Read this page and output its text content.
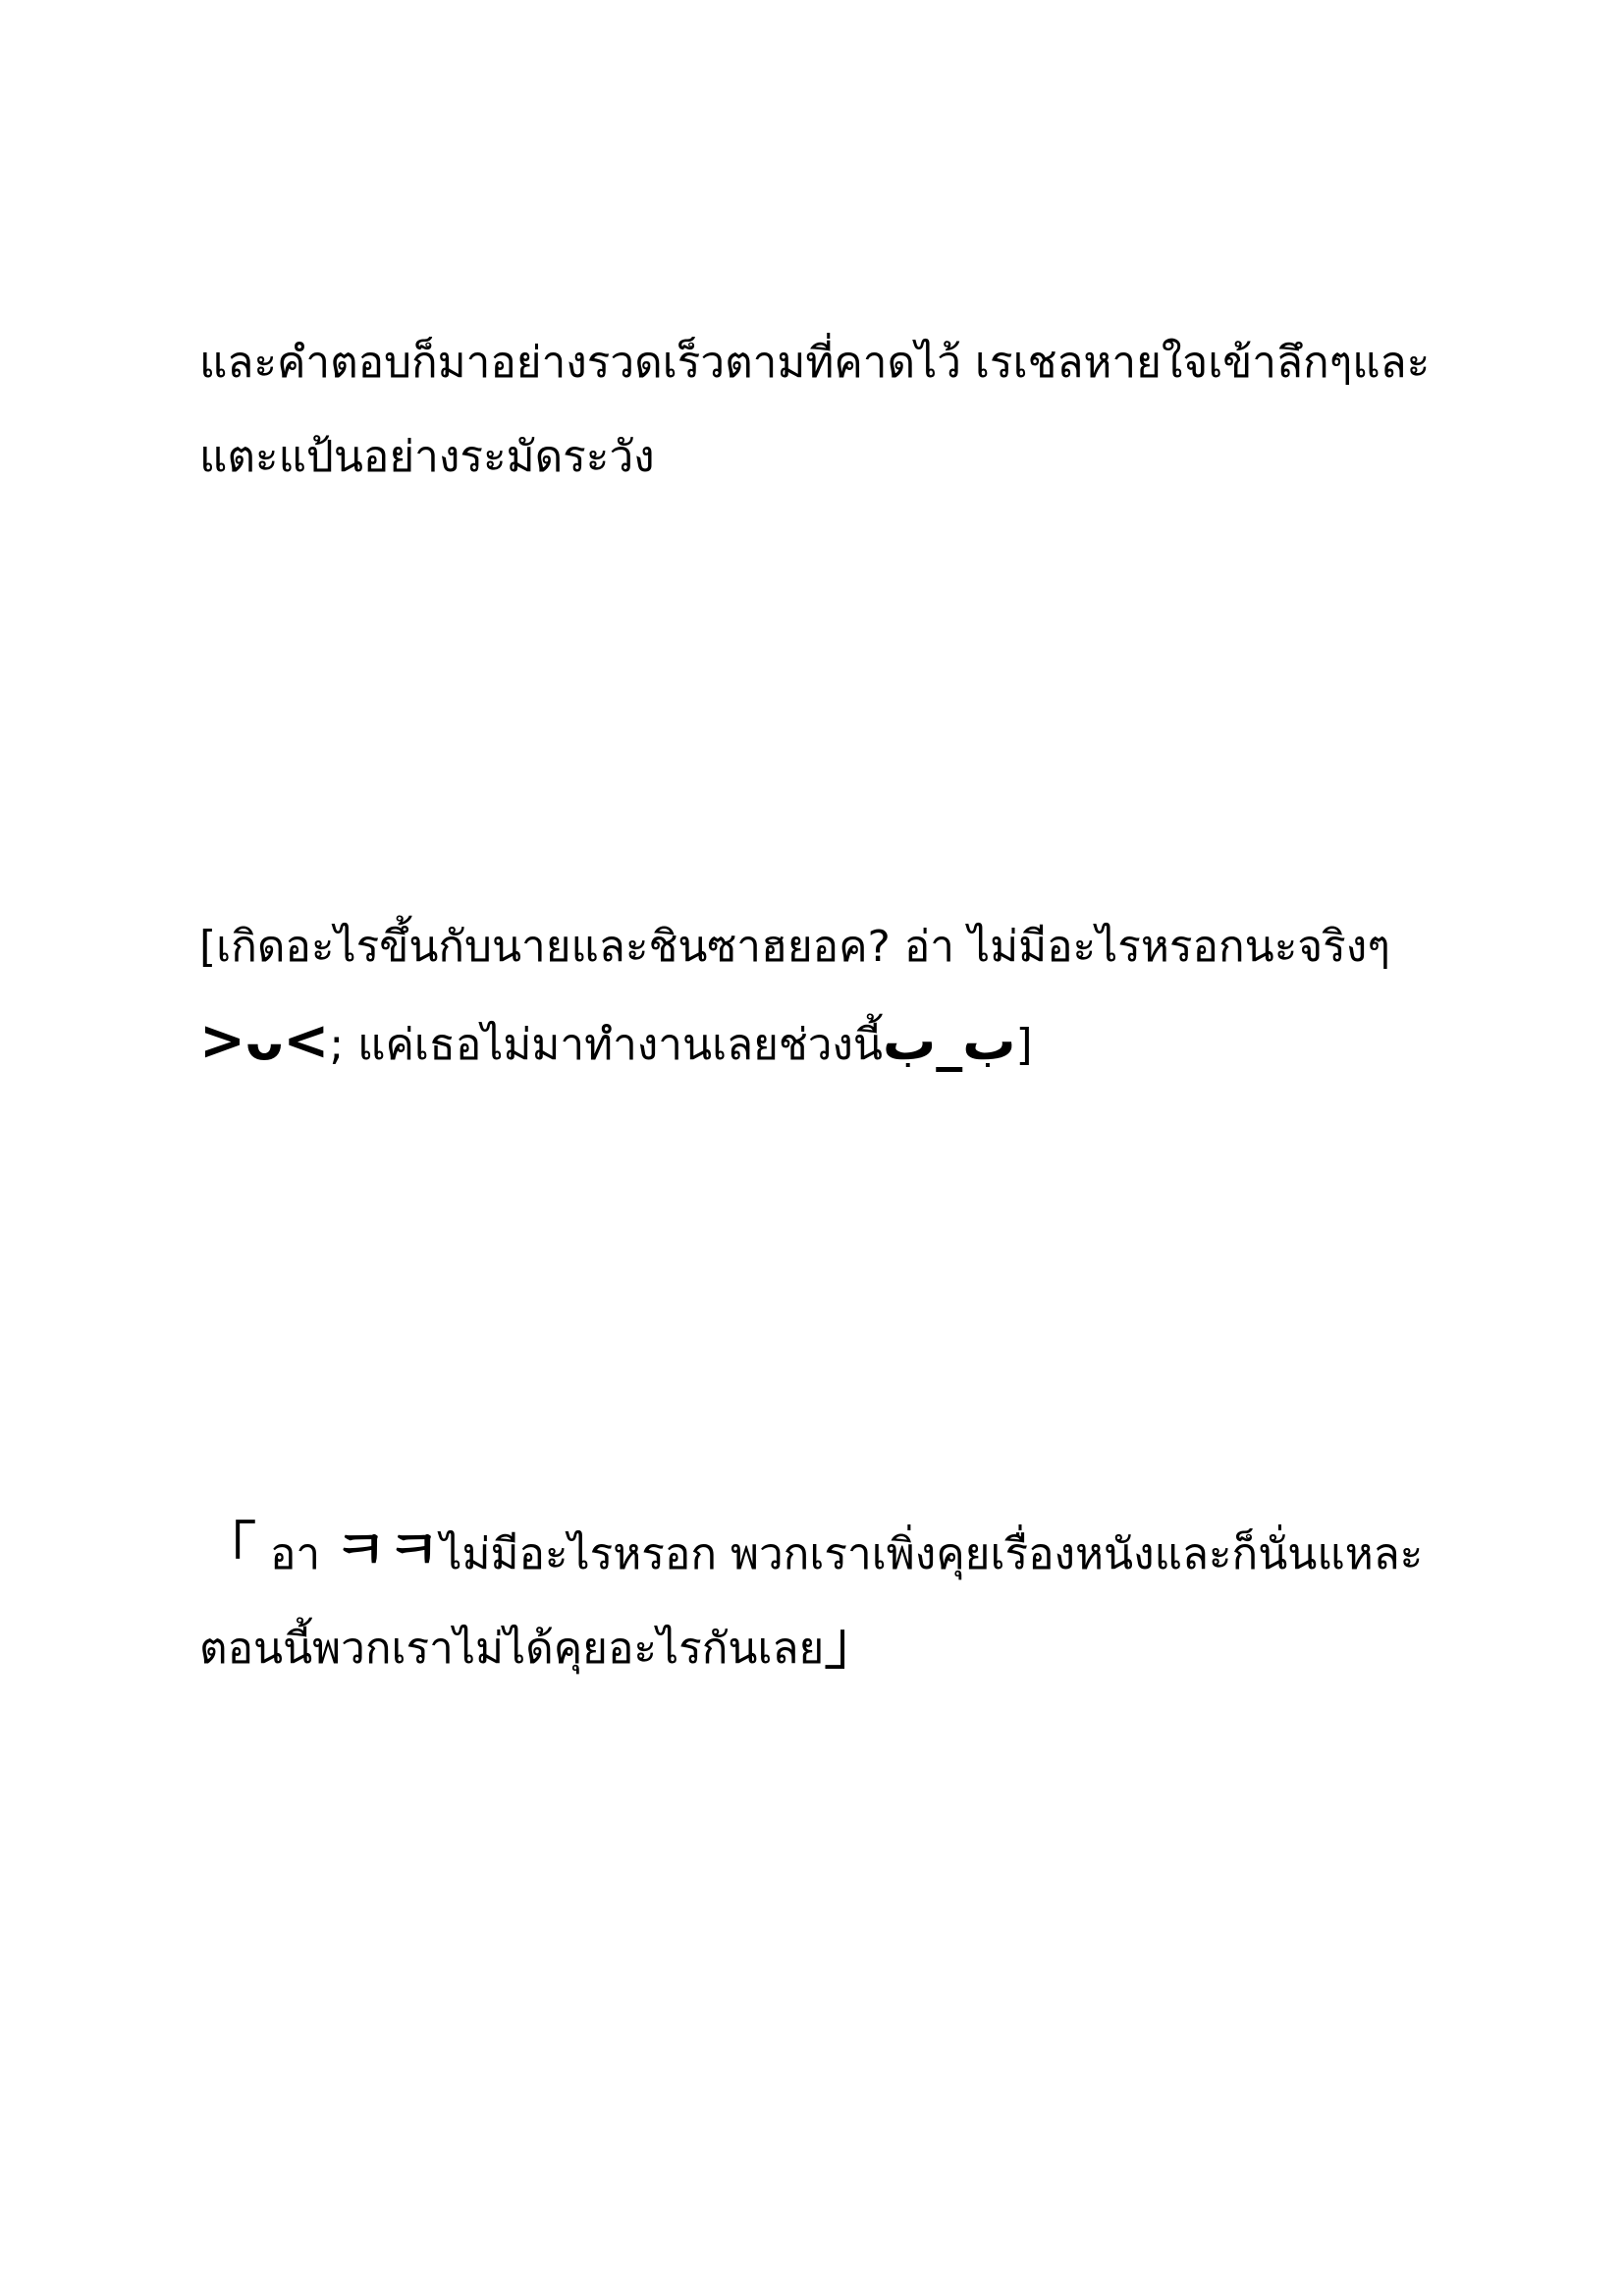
และคำตอบก็มาอย่างรวดเร็วตามที่คาดไว้ เรเชลหายใจเข้าลึกๆและ
แตะแป้นอย่างระมัดระวัง
[เกิดอะไรขึ้นกับนายและชินซาฮยอค? อ่า ไม่มีอะไรหรอกนะจริงๆ
>ᴗ<; แค่เธอไม่มาทำงานเลยช่วงนี้ب_ب]
「 อา ㅋㅋไม่มีอะไรหรอก พวกเราเพิ่งคุยเรื่องหนังและก็นั่นแหละ
ตอนนี้พวกเราไม่ได้คุยอะไรกันเลย」
